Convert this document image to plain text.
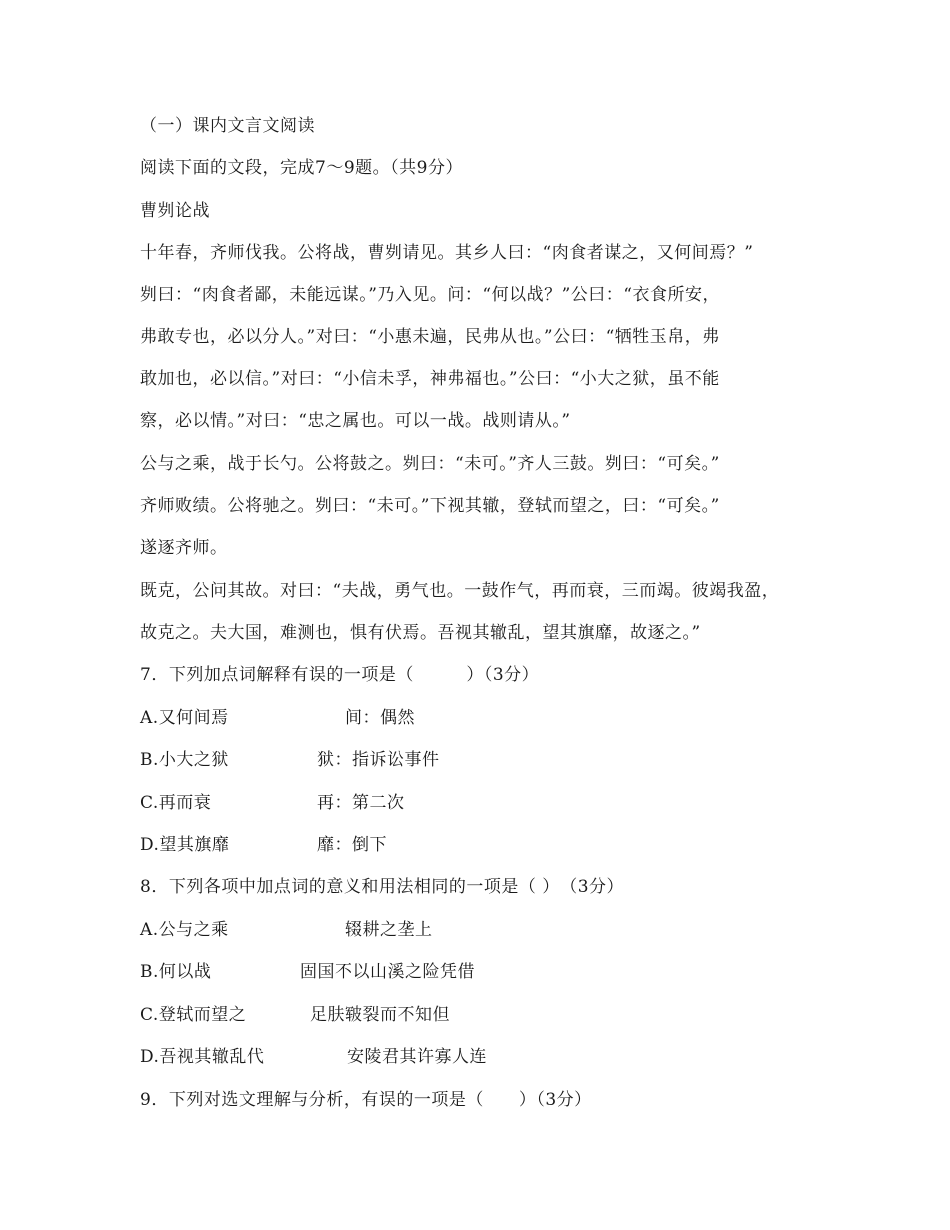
（一）课内文言文阅读
阅读下面的文段，完成7～9题。（共9分）
曹刿论战
十年春，齐师伐我。公将战，曹刿请见。其乡人曰：“肉食者谋之，又何间焉？”
刿曰：“肉食者鄙，未能远谋。”乃入见。问：“何以战？”公曰：“衣食所安，
弗敢专也，必以分人。”对曰：“小惠未遍，民弗从也。”公曰：“牺牲玉帛，弗
敢加也，必以信。”对曰：“小信未孚，神弗福也。”公曰：“小大之狱，虽不能
察，必以情。”对曰：“忠之属也。可以一战。战则请从。”
公与之乘，战于长勺。公将鼓之。刿曰：“未可。”齐人三鼓。刿曰：“可矣。”
齐师败绩。公将驰之。刿曰：“未可。”下视其辙，登轼而望之，曰：“可矣。”
遂逐齐师。
既克，公问其故。对曰：“夫战，勇气也。一鼓作气，再而衰，三而竭。彼竭我盈，
故克之。夫大国，难测也，惧有伏焉。吾视其辙乱，望其旗靡，故逐之。”
7．下列加点词解释有误的一项是（　　　）（3分）
A.又何间焉	间：偶然
B.小大之狱	狱：指诉讼事件
C.再而衰	再：第二次
D.望其旗靡	靡：倒下
8．下列各项中加点词的意义和用法相同的一项是（ ）　（3分）
A.公与之乘	辍耕之垄上
B.何以战	固国不以山溪之险凭借
C.登轼而望之	足肤皲裂而不知但
D.吾视其辙乱代	安陵君其许寡人连
9．下列对选文理解与分析，有误的一项是（　　）（3分）
